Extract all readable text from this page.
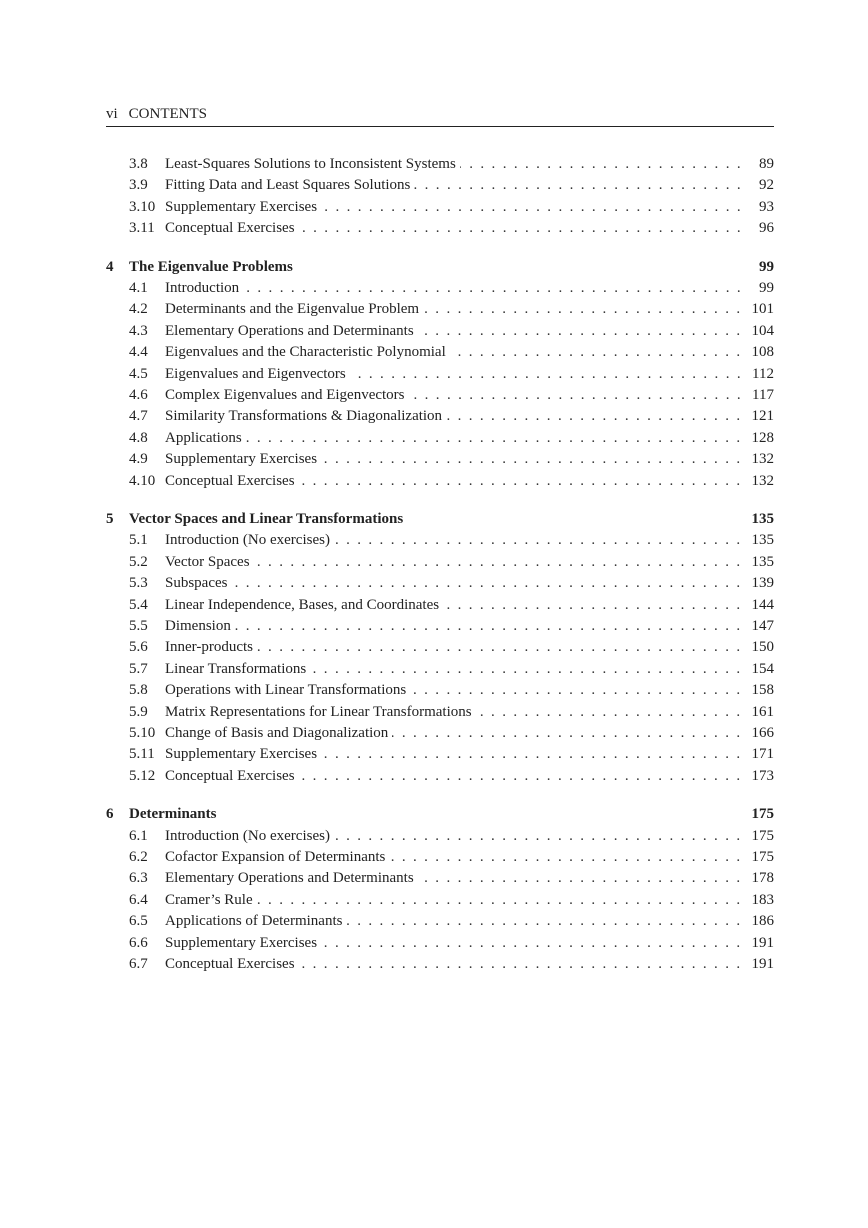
vi CONTENTS
3.8	Least-Squares Solutions to Inconsistent Systems .....	89
3.9	Fitting Data and Least Squares Solutions .....	92
3.10 Supplementary Exercises .....	93
3.11 Conceptual Exercises .....	96
4	The Eigenvalue Problems	99
4.1	Introduction .....	99
4.2	Determinants and the Eigenvalue Problem .....	101
4.3	Elementary Operations and Determinants .....	104
4.4	Eigenvalues and the Characteristic Polynomial .....	108
4.5	Eigenvalues and Eigenvectors .....	112
4.6	Complex Eigenvalues and Eigenvectors .....	117
4.7	Similarity Transformations & Diagonalization .....	121
4.8	Applications .....	128
4.9	Supplementary Exercises .....	132
4.10 Conceptual Exercises .....	132
5	Vector Spaces and Linear Transformations	135
5.1	Introduction (No exercises) .....	135
5.2	Vector Spaces .....	135
5.3	Subspaces .....	139
5.4	Linear Independence, Bases, and Coordinates .....	144
5.5	Dimension .....	147
5.6	Inner-products .....	150
5.7	Linear Transformations .....	154
5.8	Operations with Linear Transformations .....	158
5.9	Matrix Representations for Linear Transformations .....	161
5.10 Change of Basis and Diagonalization .....	166
5.11 Supplementary Exercises .....	171
5.12 Conceptual Exercises .....	173
6	Determinants	175
6.1	Introduction (No exercises) .....	175
6.2	Cofactor Expansion of Determinants .....	175
6.3	Elementary Operations and Determinants .....	178
6.4	Cramer’s Rule .....	183
6.5	Applications of Determinants .....	186
6.6	Supplementary Exercises .....	191
6.7	Conceptual Exercises .....	191
